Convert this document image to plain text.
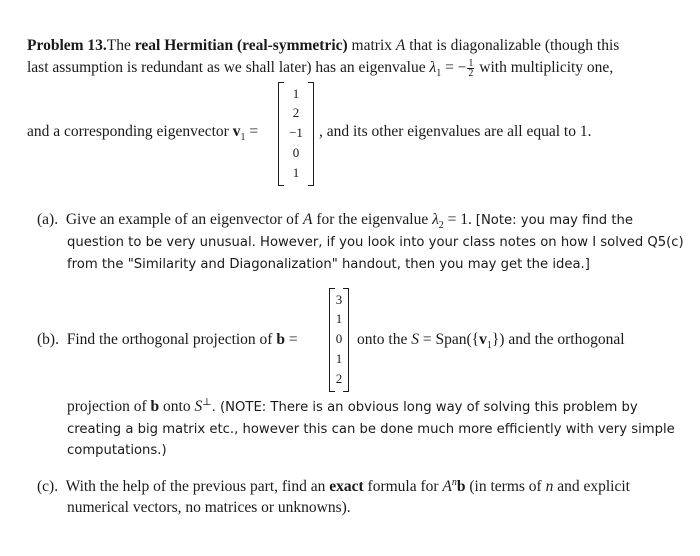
Problem 13.The real Hermitian (real-symmetric) matrix A that is diagonalizable (though this
last assumption is redundant as we shall later) has an eigenvalue $\lambda_1$ = − $\frac{1}{2}$ with multiplicity one,
and a corresponding eigenvector $v_1$ =
1
2
−1
0
1
, and its other eigenvalues are all equal to 1.
(a). Give an example of an eigenvector of A for the eigenvalue $\lambda_2 = 1$. [Note: you may find the
question to be very unusual. However, if you look into your class notes on how I solved Q5(c)
from the "Similarity and Diagonalization" handout, then you may get the idea.]
(b). Find the orthogonal projection of b =
3
1
0
1
2
onto the $S = Span(\{v_1\})$ and the orthogonal
projection of b onto S⊥. (NOTE: There is an obvious long way of solving this problem by
creating a big matrix etc., however this can be done much more efficiently with very simple
computations.)
(c). With the help of the previous part, find an exact formula for $A^nb$ (in terms of n and explicit
numerical vectors, no matrices or unknowns).
